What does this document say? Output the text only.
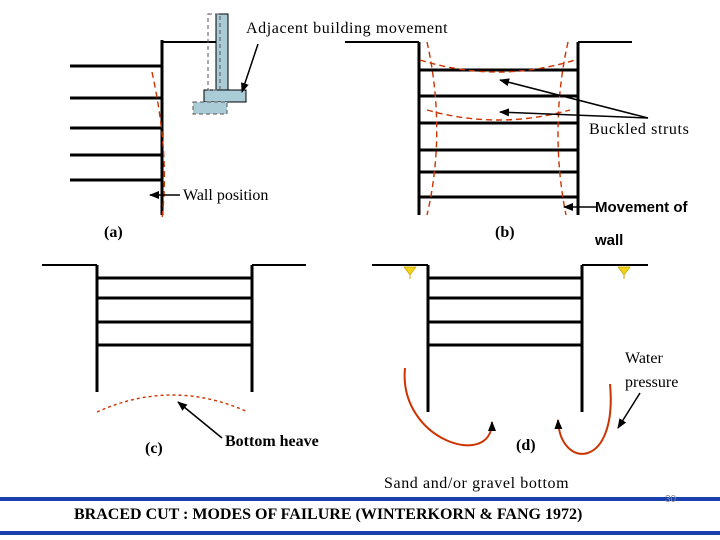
Adjacent building movement
Buckled struts
Wall position
Movement of
wall
(a)	(b)
(c)	(d)
Bottom heave
Water
pressure
Sand and/or gravel bottom
BRACED CUT : MODES OF FAILURE (WINTERKORN & FANG 1972)
30
